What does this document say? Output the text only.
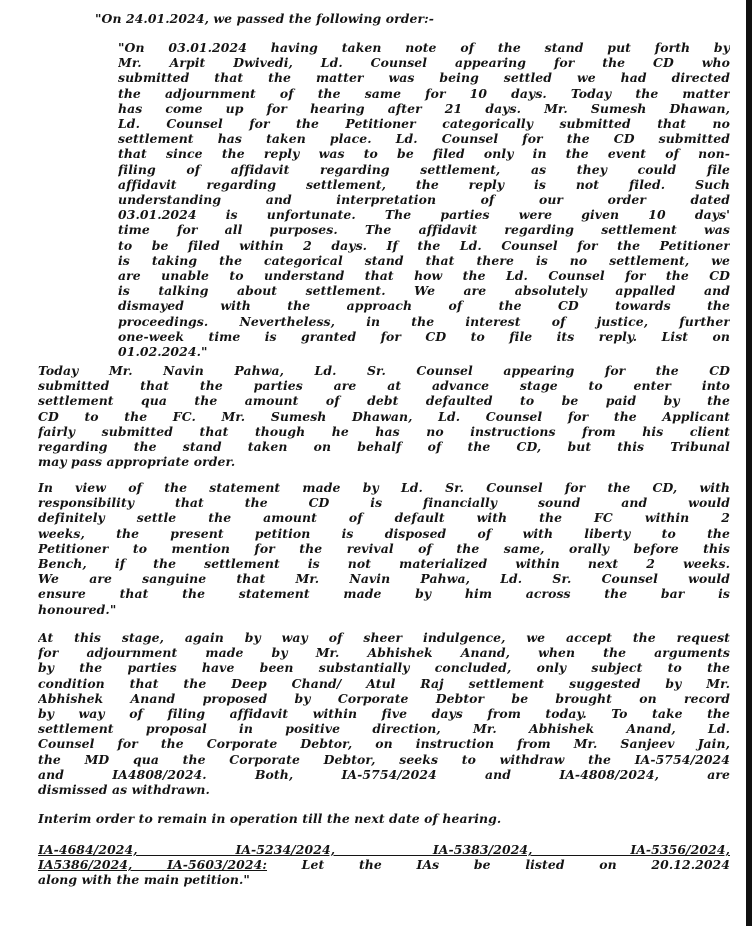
"On 24.01.2024, we passed the following order:-
"On 03.01.2024 having taken note of the stand put forth by
Mr. Arpit Dwivedi, Ld. Counsel appearing for the CD who
submitted that the matter was being settled we had directed
the adjournment of the same for 10 days. Today the matter
has come up for hearing after 21 days. Mr. Sumesh Dhawan,
Ld. Counsel for the Petitioner categorically submitted that no
settlement has taken place. Ld. Counsel for the CD submitted
that since the reply was to be filed only in the event of non-
filing of affidavit regarding settlement, as they could file
affidavit regarding settlement, the reply is not filed. Such
understanding and interpretation of our order dated
03.01.2024 is unfortunate. The parties were given 10 days'
time for all purposes. The affidavit regarding settlement was
to be filed within 2 days. If the Ld. Counsel for the Petitioner
is taking the categorical stand that there is no settlement, we
are unable to understand that how the Ld. Counsel for the CD
is talking about settlement. We are absolutely appalled and
dismayed with the approach of the CD towards the
proceedings. Nevertheless, in the interest of justice, further
one-week time is granted for CD to file its reply. List on
01.02.2024."
Today Mr. Navin Pahwa, Ld. Sr. Counsel appearing for the CD
submitted that the parties are at advance stage to enter into
settlement qua the amount of debt defaulted to be paid by the
CD to the FC. Mr. Sumesh Dhawan, Ld. Counsel for the Applicant
fairly submitted that though he has no instructions from his client
regarding the stand taken on behalf of the CD, but this Tribunal
may pass appropriate order.
In view of the statement made by Ld. Sr. Counsel for the CD, with
responsibility that the CD is financially sound and would
definitely settle the amount of default with the FC within 2
weeks, the present petition is disposed of with liberty to the
Petitioner to mention for the revival of the same, orally before this
Bench, if the settlement is not materialized within next 2 weeks.
We are sanguine that Mr. Navin Pahwa, Ld. Sr. Counsel would
ensure that the statement made by him across the bar is
honoured."
At this stage, again by way of sheer indulgence, we accept the request
for adjournment made by Mr. Abhishek Anand, when the arguments
by the parties have been substantially concluded, only subject to the
condition that the Deep Chand/ Atul Raj settlement suggested by Mr.
Abhishek Anand proposed by Corporate Debtor be brought on record
by way of filing affidavit within five days from today. To take the
settlement proposal in positive direction, Mr. Abhishek Anand, Ld.
Counsel for the Corporate Debtor, on instruction from Mr. Sanjeev Jain,
the MD qua the Corporate Debtor, seeks to withdraw the IA-5754/2024
and IA4808/2024. Both, IA-5754/2024 and IA-4808/2024, are
dismissed as withdrawn.
Interim order to remain in operation till the next date of hearing.
IA-4684/2024, IA-5234/2024, IA-5383/2024, IA-5356/2024,
IA5386/2024, IA-5603/2024: Let the IAs be listed on 20.12.2024
along with the main petition."
